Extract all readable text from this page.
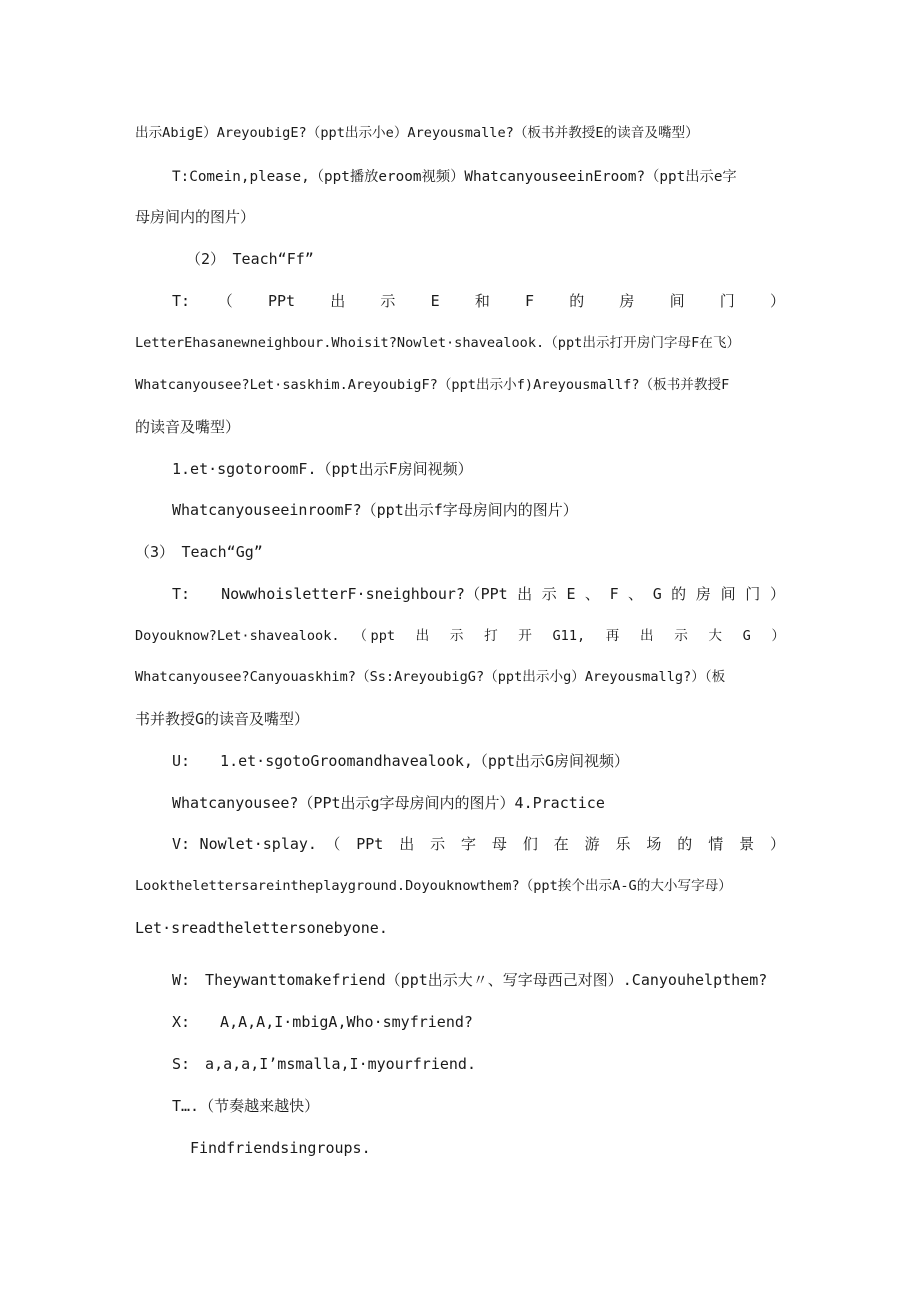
出示AbigE）AreyoubigE?（ppt出示小e）Areyousmalle?（板书并教授E的读音及嘴型）
T:Comein,please,（ppt播放eroom视频）WhatcanyouseeinEroom?（ppt出示e字
母房间内的图片）
（2）　Teach“Ff”
T:　（　PPt　出　示　E　和　F　的　房　间　门　）
LetterEhasanewneighbour.Whoisit?Nowlet·shavealook.（ppt出示打开房门字母F在飞）
Whatcanyousee?Let·saskhim.AreyoubigF?（ppt出示小f)Areyousmallf?（板书并教授F
的读音及嘴型）
1.et·sgotoroomF.（ppt出示F房间视频）
WhatcanyouseeinroomF?（ppt出示f字母房间内的图片）
（3）　Teach“Gg”
T:　　NowwhoisletterF·sneighbour?（PPt 出 示 E 、 F 、 G 的 房 间 门 ）
Doyouknow?Let·shavealook.　（ppt　出　示　打　开　G11,　再　出　示　大　G　）
Whatcanyousee?Canyouaskhim?（Ss:AreyoubigG?（ppt出示小g）Areyousmallg?）（板
书并教授G的读音及嘴型）
U:　　1.et·sgotoGroomandhavealook,（ppt出示G房间视频）
Whatcanyousee?（PPt出示g字母房间内的图片）4.Practice
V: Nowlet·splay.　（　PPt　出　示　字　母　们　在　游　乐　场　的　情　景　）
Lookthelettersareintheplayground.Doyouknowthem?（ppt挨个出示A-G的大小写字母）
Let·sreadthelettersonebyone.
W:　Theywanttomakefriend（ppt出示大〃、写字母西己对图）.Canyouhelpthem?
X:　　A,A,A,I·mbigA,Who·smyfriend?
S:　a,a,a,I’msmalla,I·myourfriend.
T….（节奏越来越快）
Findfriendsingroups.
